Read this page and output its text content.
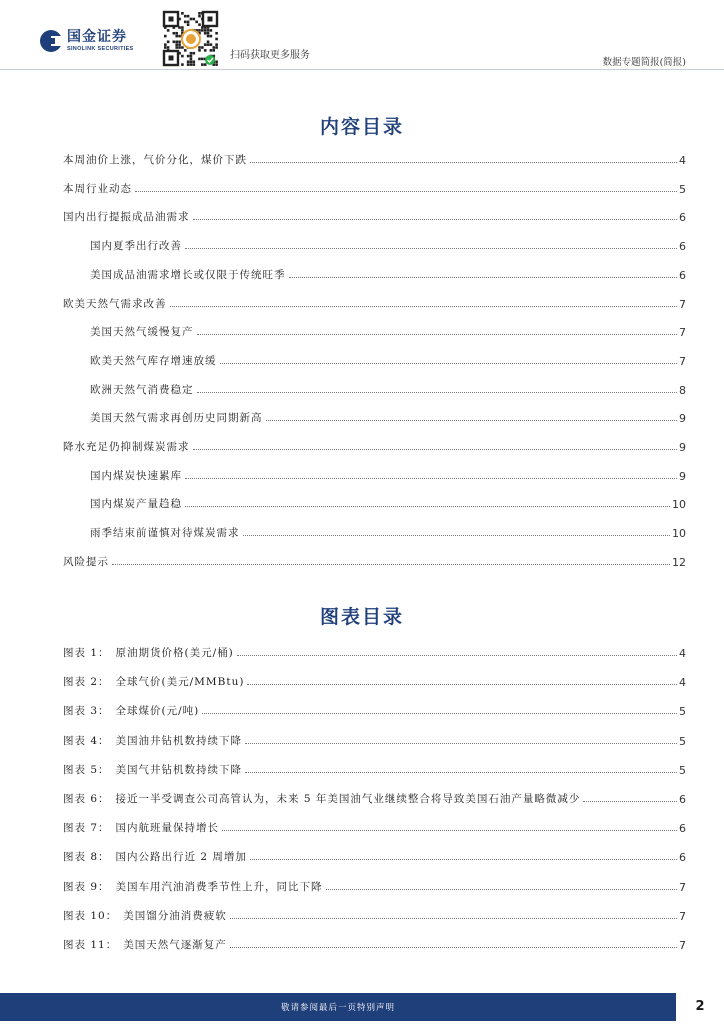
国金证券
SINOLINK SECURITIES
扫码获取更多服务
数据专题简报(简报)
内容目录
本周油价上涨，气价分化，煤价下跌	4
本周行业动态	5
国内出行提振成品油需求	6
国内夏季出行改善	6
美国成品油需求增长或仅限于传统旺季	6
欧美天然气需求改善	7
美国天然气缓慢复产	7
欧美天然气库存增速放缓	7
欧洲天然气消费稳定	8
美国天然气需求再创历史同期新高	9
降水充足仍抑制煤炭需求	9
国内煤炭快速累库	9
国内煤炭产量趋稳	10
雨季结束前谨慎对待煤炭需求	10
风险提示	12
图表目录
图表 1： 原油期货价格(美元/桶)	4
图表 2： 全球气价(美元/MMBtu)	4
图表 3： 全球煤价(元/吨)	5
图表 4： 美国油井钻机数持续下降	5
图表 5： 美国气井钻机数持续下降	5
图表 6： 接近一半受调查公司高管认为，未来 5 年美国油气业继续整合将导致美国石油产量略微减少	6
图表 7： 国内航班量保持增长	6
图表 8： 国内公路出行近 2 周增加	6
图表 9： 美国车用汽油消费季节性上升，同比下降	7
图表 10： 美国馏分油消费疲软	7
图表 11： 美国天然气逐渐复产	7
敬请参阅最后一页特别声明	2
